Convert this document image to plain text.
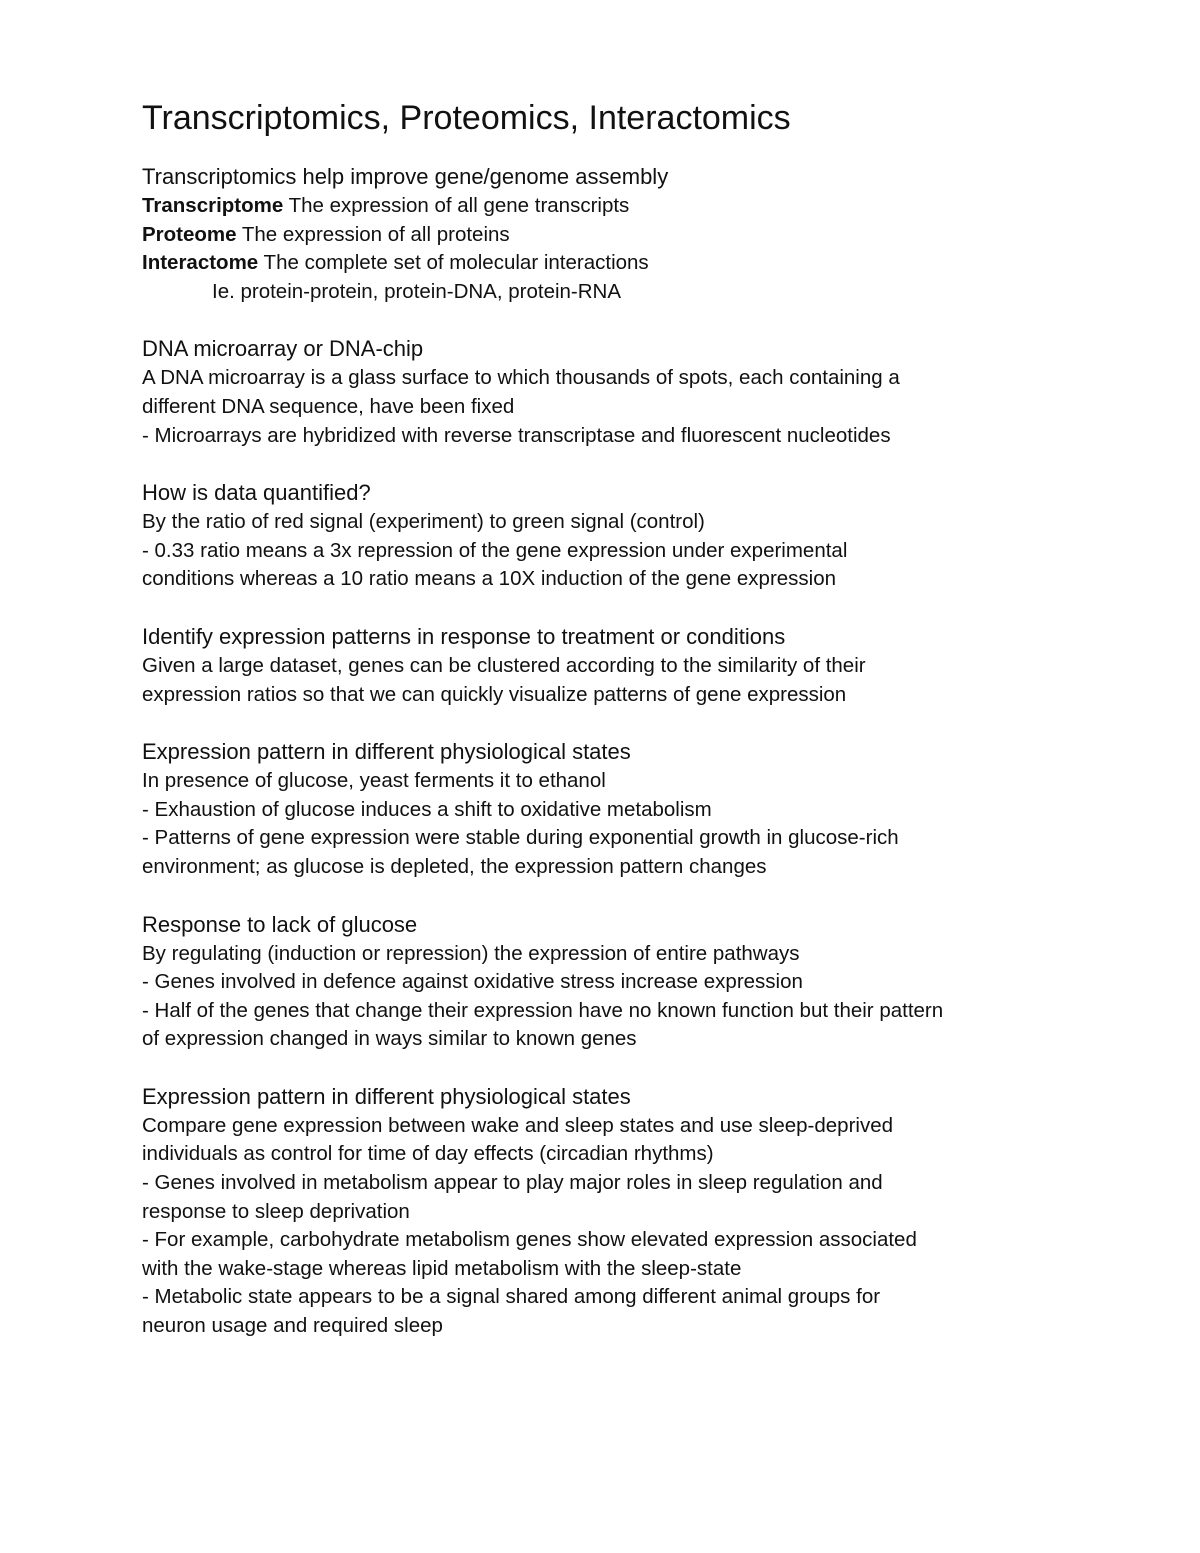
Transcriptomics, Proteomics, Interactomics

Transcriptomics help improve gene/genome assembly

Transcriptome The expression of all gene transcripts

Proteome The expression of all proteins

Interactome The complete set of molecular interactions

Ie. protein-protein, protein-DNA, protein-RNA

DNA microarray or DNA-chip

A DNA microarray is a glass surface to which thousands of spots, each containing a

different DNA sequence, have been fixed

- Microarrays are hybridized with reverse transcriptase and fluorescent nucleotides

How is data quantified?

By the ratio of red signal (experiment) to green signal (control)

- 0.33 ratio means a 3x repression of the gene expression under experimental

conditions whereas a 10 ratio means a 10X induction of the gene expression

Identify expression patterns in response to treatment or conditions

Given a large dataset, genes can be clustered according to the similarity of their

expression ratios so that we can quickly visualize patterns of gene expression

Expression pattern in different physiological states

In presence of glucose, yeast ferments it to ethanol

- Exhaustion of glucose induces a shift to oxidative metabolism

- Patterns of gene expression were stable during exponential growth in glucose-rich

environment; as glucose is depleted, the expression pattern changes

Response to lack of glucose

By regulating (induction or repression) the expression of entire pathways

- Genes involved in defence against oxidative stress increase expression

- Half of the genes that change their expression have no known function but their pattern

of expression changed in ways similar to known genes

Expression pattern in different physiological states

Compare gene expression between wake and sleep states and use sleep-deprived

individuals as control for time of day effects (circadian rhythms)

- Genes involved in metabolism appear to play major roles in sleep regulation and

response to sleep deprivation

- For example, carbohydrate metabolism genes show elevated expression associated

with the wake-stage whereas lipid metabolism with the sleep-state

- Metabolic state appears to be a signal shared among different animal groups for

neuron usage and required sleep
